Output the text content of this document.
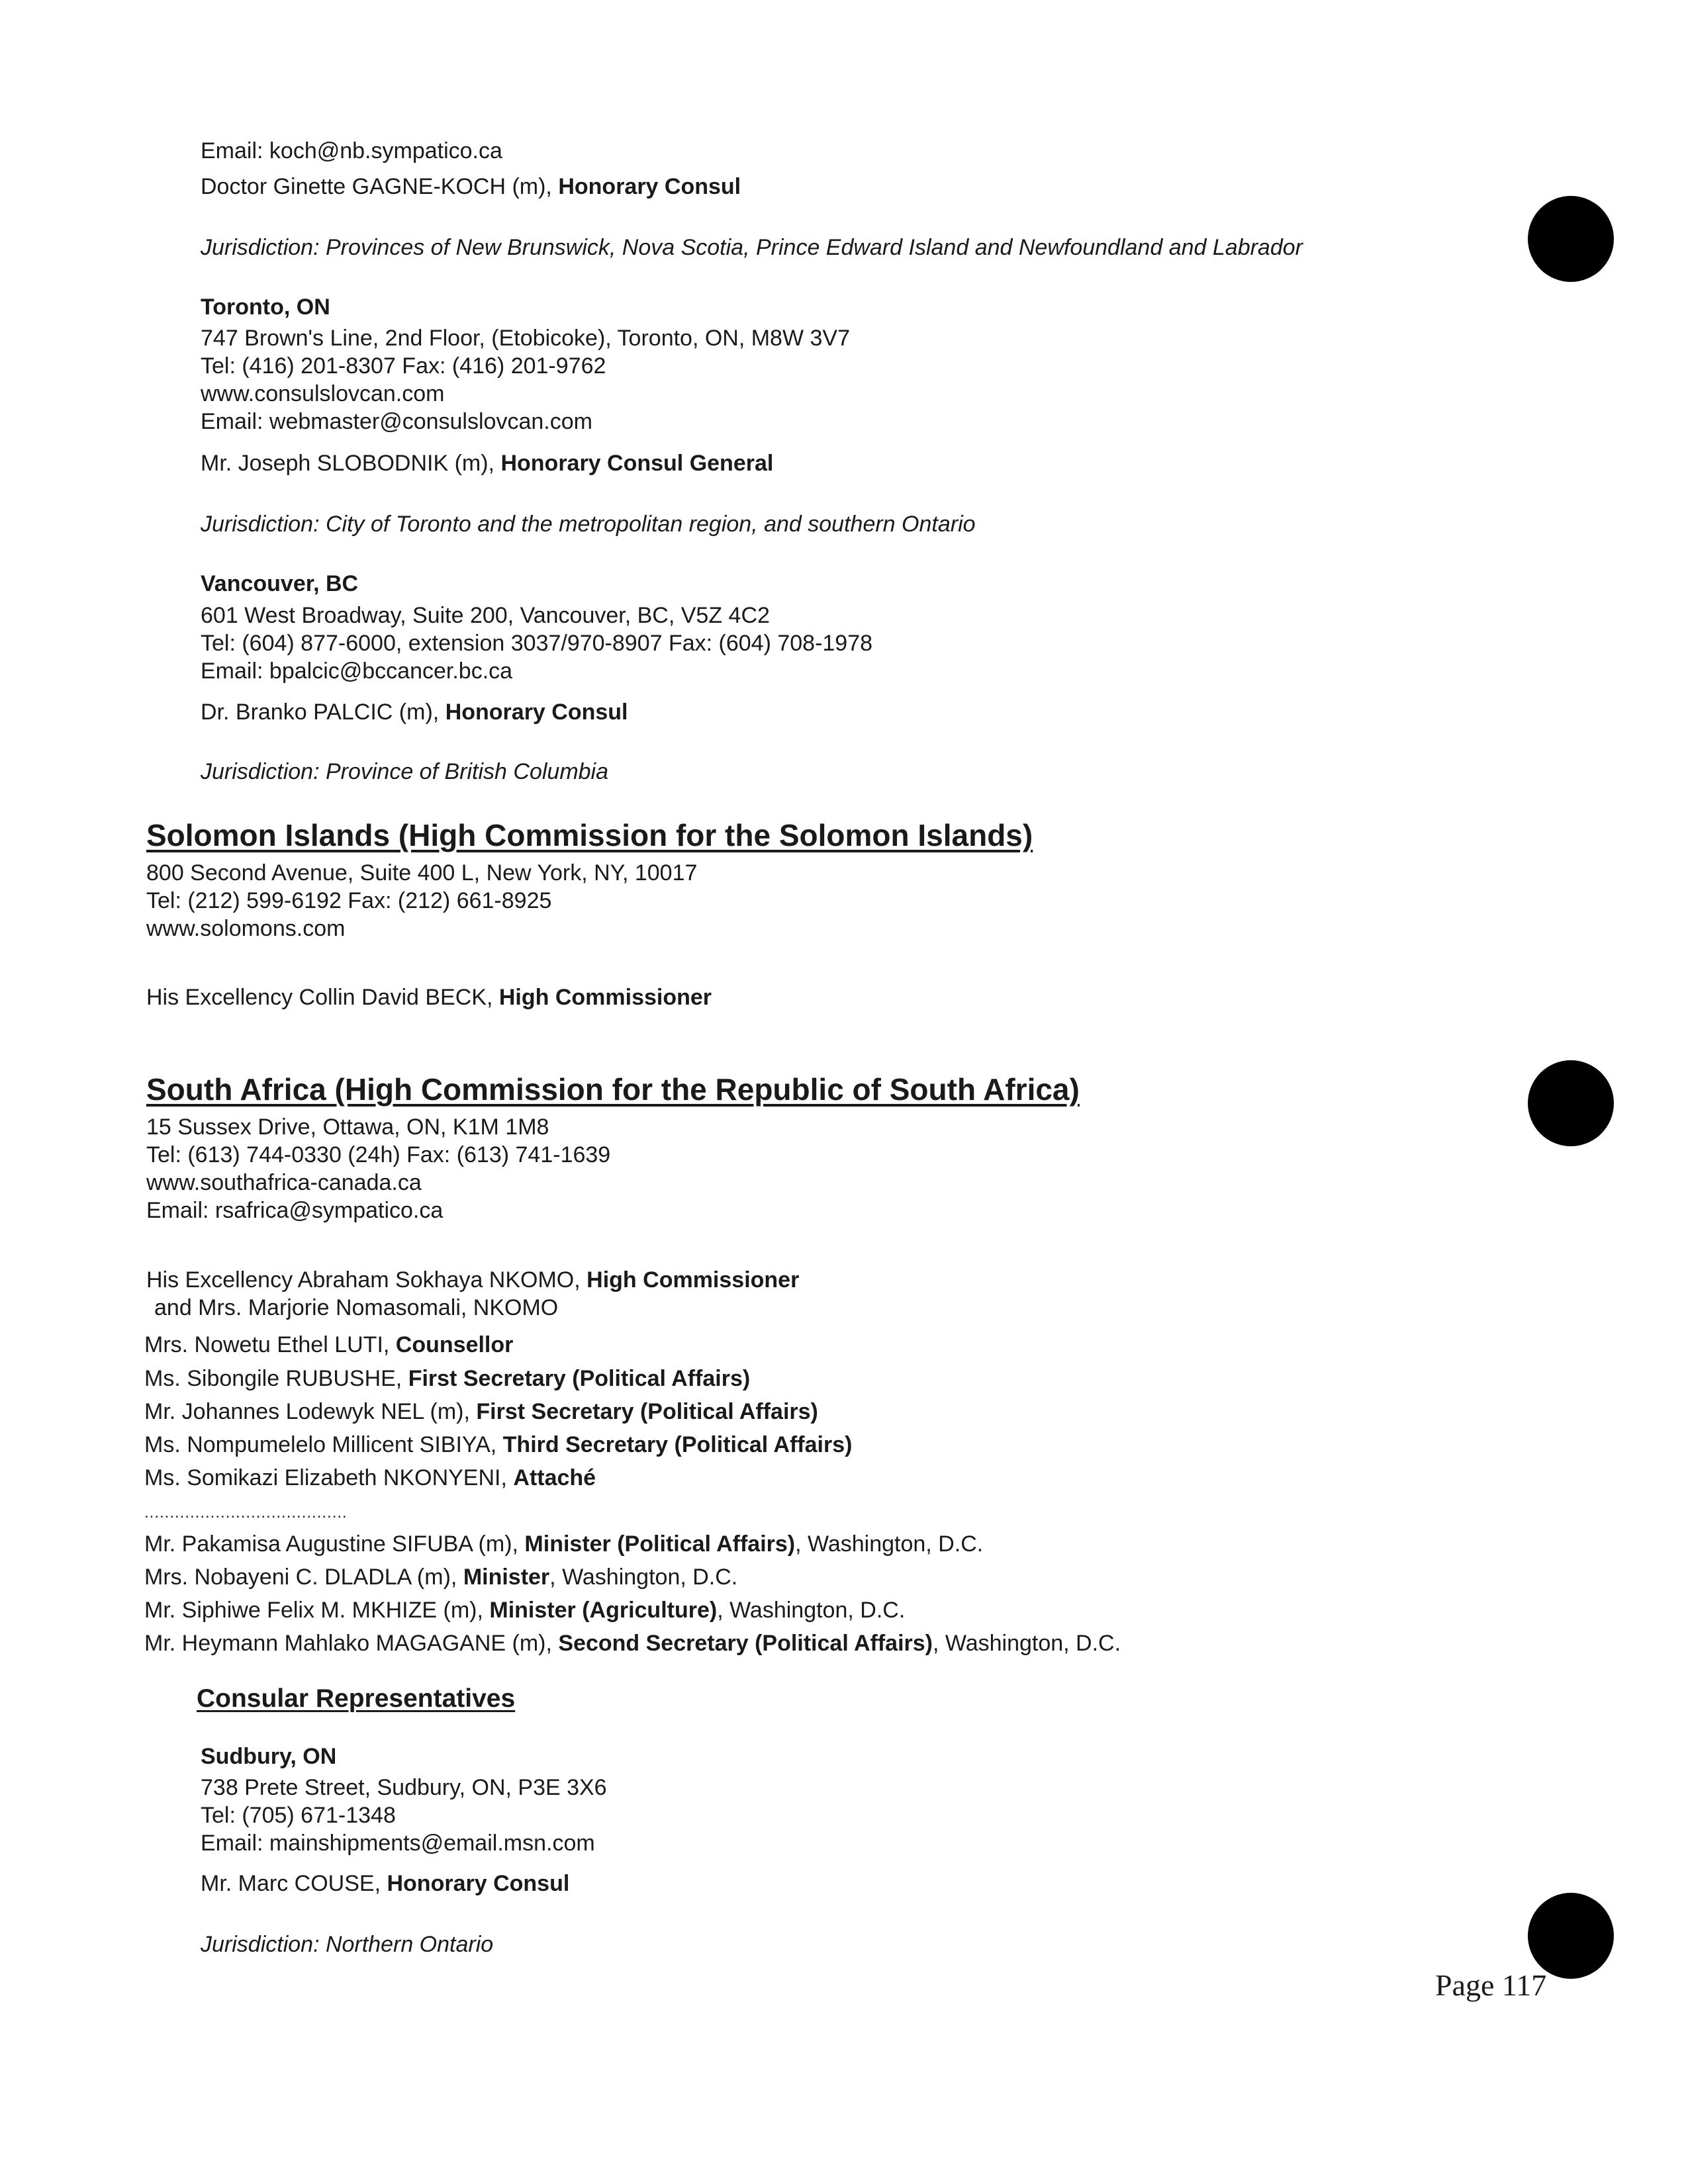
Email: koch@nb.sympatico.ca
Doctor Ginette GAGNE-KOCH (m), Honorary Consul
Jurisdiction: Provinces of New Brunswick, Nova Scotia, Prince Edward Island and Newfoundland and Labrador
Toronto, ON
747 Brown's Line, 2nd Floor, (Etobicoke), Toronto, ON, M8W 3V7
Tel: (416) 201-8307 Fax: (416) 201-9762
www.consulslovcan.com
Email: webmaster@consulslovcan.com
Mr. Joseph SLOBODNIK (m), Honorary Consul General
Jurisdiction: City of Toronto and the metropolitan region, and southern Ontario
Vancouver, BC
601 West Broadway, Suite 200, Vancouver, BC, V5Z 4C2
Tel: (604) 877-6000, extension 3037/970-8907 Fax: (604) 708-1978
Email: bpalcic@bccancer.bc.ca
Dr. Branko PALCIC (m), Honorary Consul
Jurisdiction: Province of British Columbia
Solomon Islands (High Commission for the Solomon Islands)
800 Second Avenue, Suite 400 L, New York, NY, 10017
Tel: (212) 599-6192 Fax: (212) 661-8925
www.solomons.com
His Excellency Collin David BECK, High Commissioner
South Africa (High Commission for the Republic of South Africa)
15 Sussex Drive, Ottawa, ON, K1M 1M8
Tel: (613) 744-0330 (24h) Fax: (613) 741-1639
www.southafrica-canada.ca
Email: rsafrica@sympatico.ca
His Excellency Abraham Sokhaya NKOMO, High Commissioner
and Mrs. Marjorie Nomasomali, NKOMO
Mrs. Nowetu Ethel LUTI, Counsellor
Ms. Sibongile RUBUSHE, First Secretary (Political Affairs)
Mr. Johannes Lodewyk NEL (m), First Secretary (Political Affairs)
Ms. Nompumelelo Millicent SIBIYA, Third Secretary (Political Affairs)
Ms. Somikazi Elizabeth NKONYENI, Attaché
........................................
Mr. Pakamisa Augustine SIFUBA (m), Minister (Political Affairs), Washington, D.C.
Mrs. Nobayeni C. DLADLA (m), Minister, Washington, D.C.
Mr. Siphiwe Felix M. MKHIZE (m), Minister (Agriculture), Washington, D.C.
Mr. Heymann Mahlako MAGAGANE (m), Second Secretary (Political Affairs), Washington, D.C.
Consular Representatives
Sudbury, ON
738 Prete Street, Sudbury, ON, P3E 3X6
Tel: (705) 671-1348
Email: mainshipments@email.msn.com
Mr. Marc COUSE, Honorary Consul
Jurisdiction: Northern Ontario
Page 117
